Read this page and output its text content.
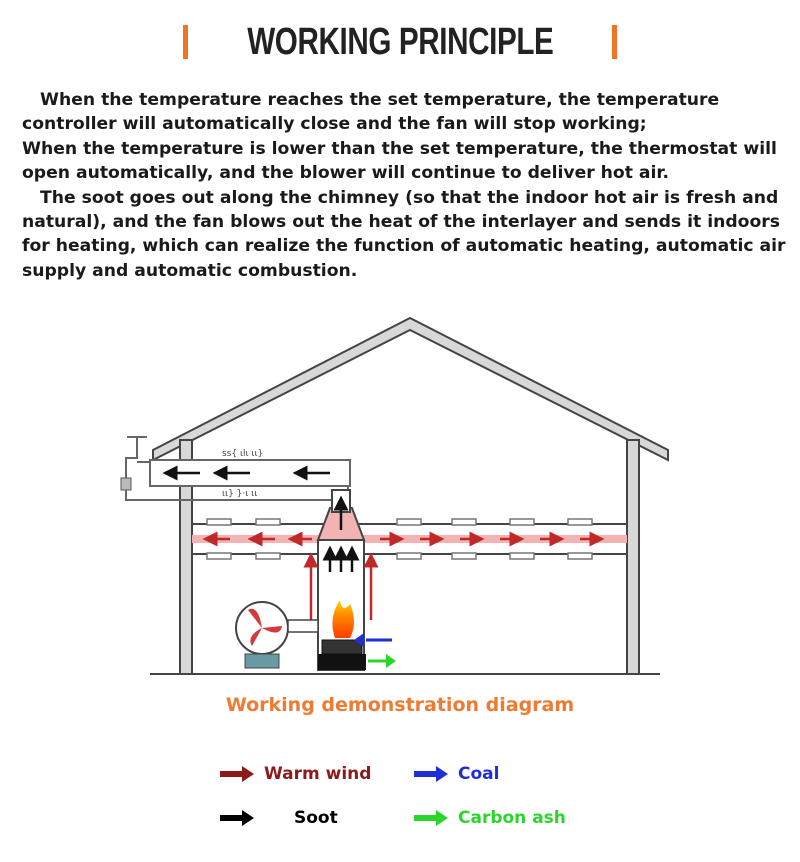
WORKING PRINCIPLE

When the temperature reaches the set temperature, the temperature controller will automatically close and the fan will stop working;

When the temperature is lower than the set temperature, the thermostat will open automatically, and the blower will continue to deliver hot air.

The soot goes out along the chimney (so that the indoor hot air is fresh and natural), and the fan blows out the heat of the interlayer and sends it indoors for heating, which can realize the function of automatic heating, automatic air supply and automatic combustion.

ss{ ιlι ιι}
ιι} }·ι ιι
Working demonstration diagram
Warm wind	Coal
Soot	Carbon ash
